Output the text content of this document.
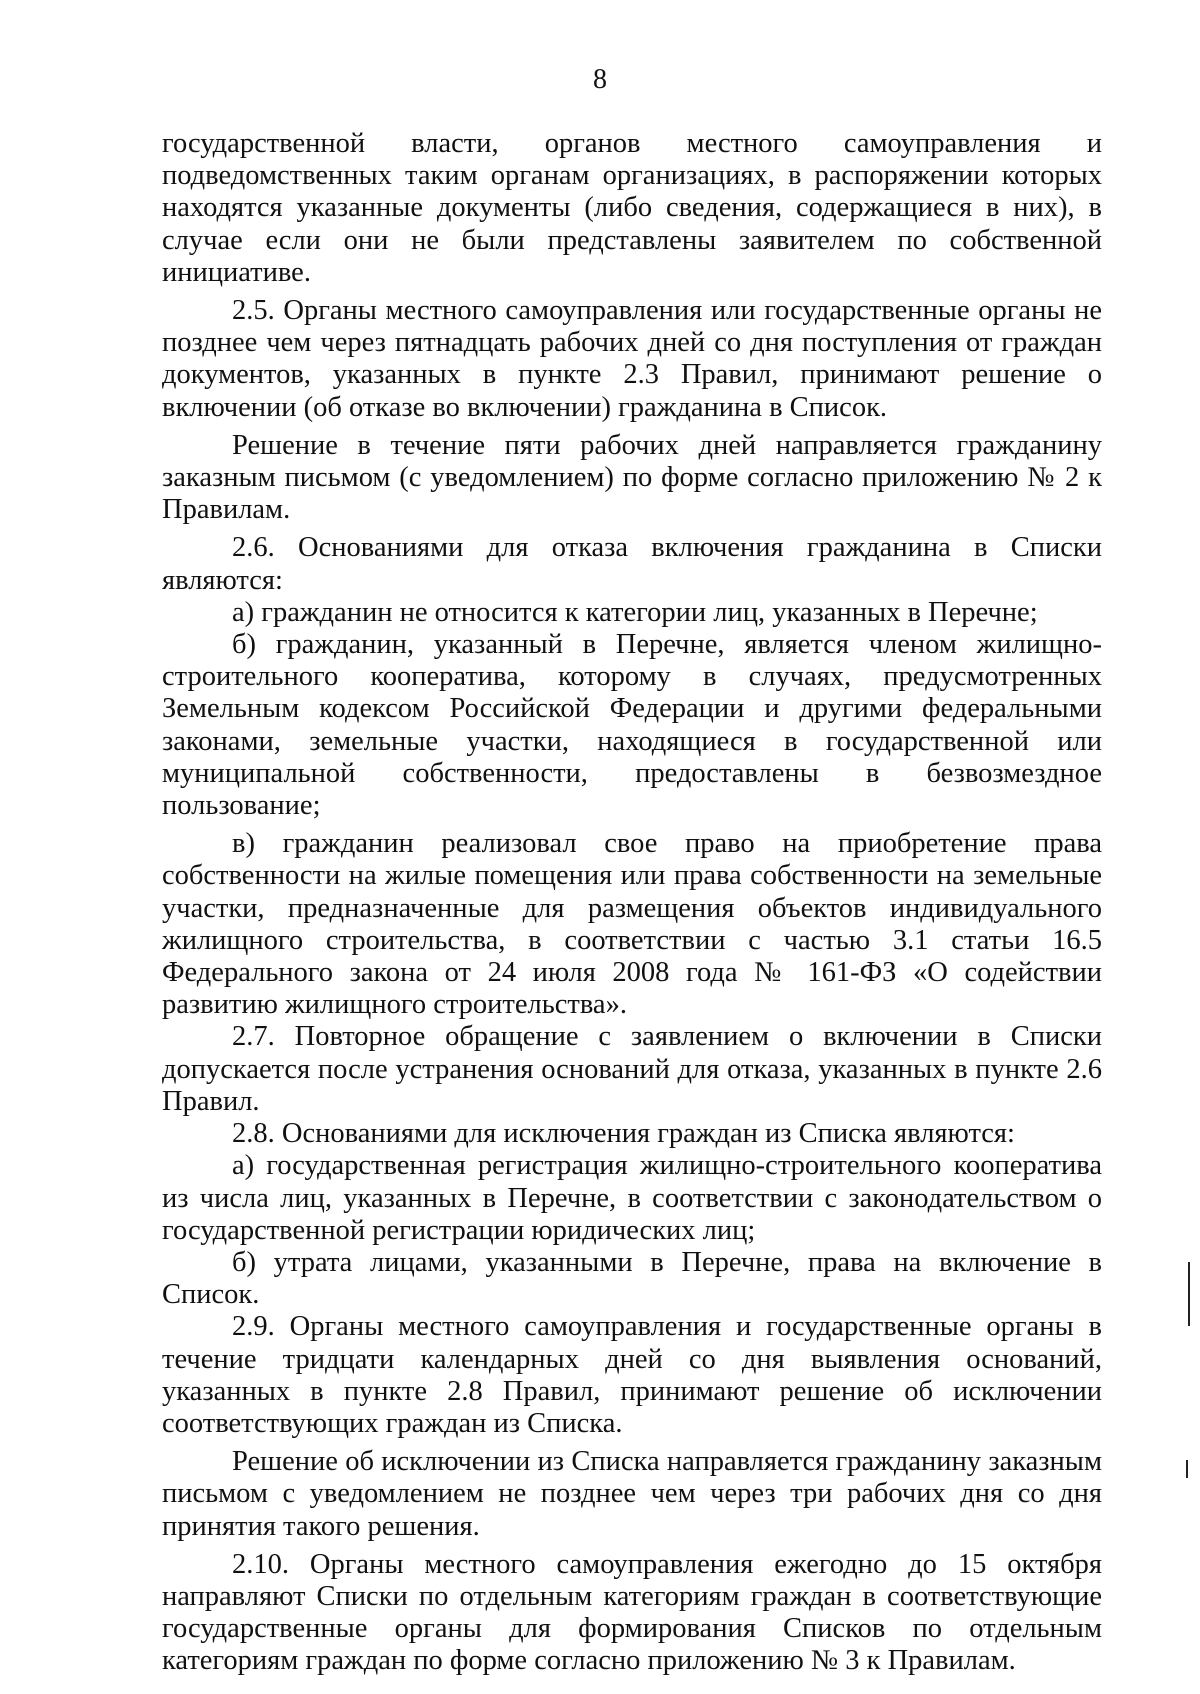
8

государственной власти, органов местного самоуправления и подведомственных таким органам организациях, в распоряжении которых находятся указанные документы (либо сведения, содержащиеся в них), в случае если они не были представлены заявителем по собственной инициативе.

2.5. Органы местного самоуправления или государственные органы не позднее чем через пятнадцать рабочих дней со дня поступления от граждан документов, указанных в пункте 2.3 Правил, принимают решение о включении (об отказе во включении) гражданина в Список.

Решение в течение пяти рабочих дней направляется гражданину заказным письмом (с уведомлением) по форме согласно приложению № 2 к Правилам.

2.6. Основаниями для отказа включения гражданина в Списки являются:

а) гражданин не относится к категории лиц, указанных в Перечне;

б) гражданин, указанный в Перечне, является членом жилищно-строительного кооператива, которому в случаях, предусмотренных Земельным кодексом Российской Федерации и другими федеральными законами, земельные участки, находящиеся в государственной или муниципальной собственности, предоставлены в безвозмездное пользование;

в) гражданин реализовал свое право на приобретение права собственности на жилые помещения или права собственности на земельные участки, предназначенные для размещения объектов индивидуального жилищного строительства, в соответствии с частью 3.1 статьи 16.5 Федерального закона от 24 июля 2008 года № 161-ФЗ «О содействии развитию жилищного строительства».

2.7. Повторное обращение с заявлением о включении в Списки допускается после устранения оснований для отказа, указанных в пункте 2.6 Правил.

2.8. Основаниями для исключения граждан из Списка являются:

а) государственная регистрация жилищно-строительного кооператива из числа лиц, указанных в Перечне, в соответствии с законодательством о государственной регистрации юридических лиц;

б) утрата лицами, указанными в Перечне, права на включение в Список.

2.9. Органы местного самоуправления и государственные органы в течение тридцати календарных дней со дня выявления оснований, указанных в пункте 2.8 Правил, принимают решение об исключении соответствующих граждан из Списка.

Решение об исключении из Списка направляется гражданину заказным письмом с уведомлением не позднее чем через три рабочих дня со дня принятия такого решения.

2.10. Органы местного самоуправления ежегодно до 15 октября направляют Списки по отдельным категориям граждан в соответствующие государственные органы для формирования Списков по отдельным категориям граждан по форме согласно приложению № 3 к Правилам.
